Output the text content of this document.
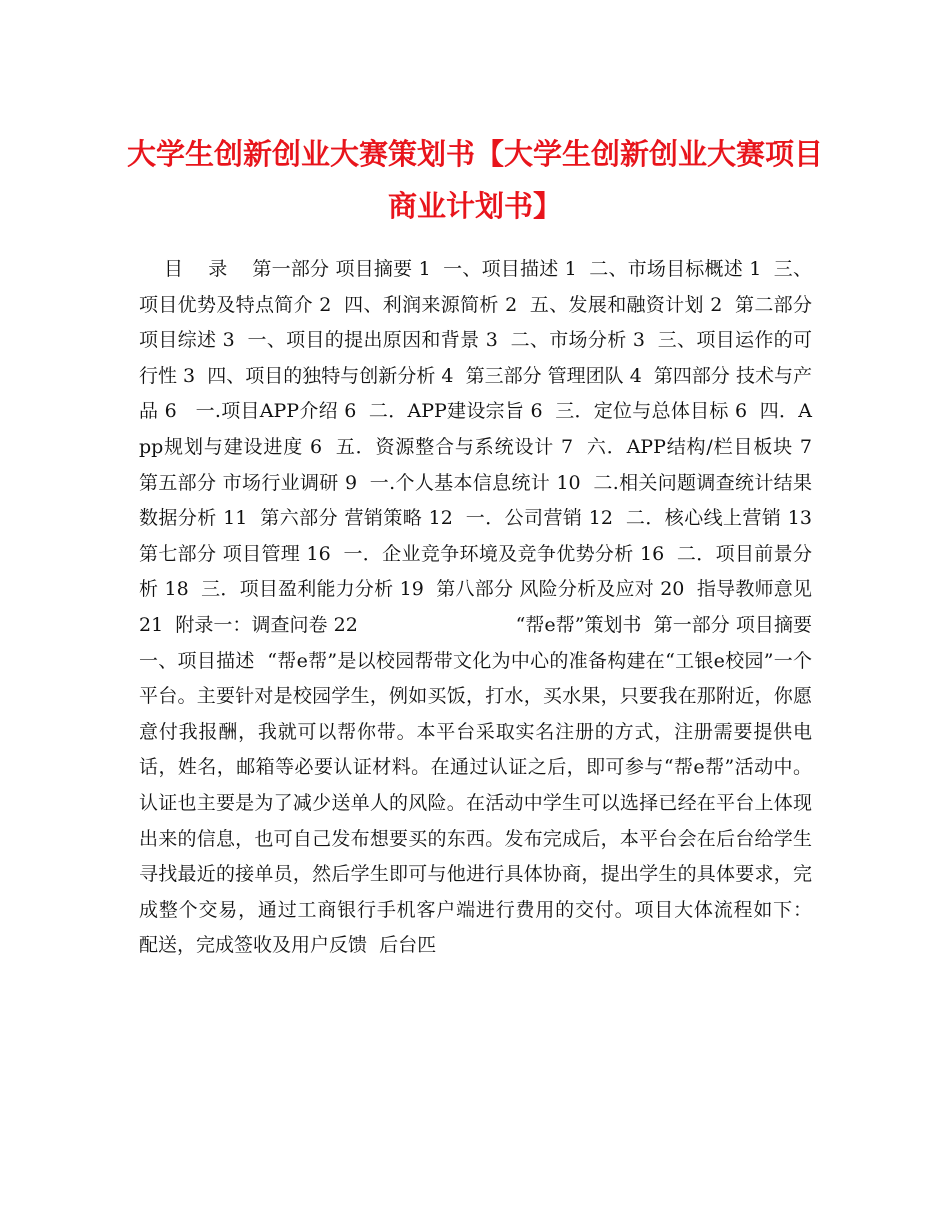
大学生创新创业大赛策划书【大学生创新创业大赛项目商业计划书】

目    录    第一部分 项目摘要 1  一、项目描述 1  二、市场目标概述 1  三、项目优势及特点简介 2  四、利润来源简析 2  五、发展和融资计划 2  第二部分 项目综述 3  一、项目的提出原因和背景 3  二、市场分析 3  三、项目运作的可行性 3  四、项目的独特与创新分析 4  第三部分 管理团队 4  第四部分 技术与产品 6   一.项目APP介绍 6  二．APP建设宗旨 6  三．定位与总体目标 6  四．App规划与建设进度 6  五．资源整合与系统设计 7  六．APP结构/栏目板块 7  第五部分 市场行业调研 9  一.个人基本信息统计 10  二.相关问题调查统计结果数据分析 11  第六部分 营销策略 12  一．公司营销 12  二．核心线上营销 13  第七部分 项目管理 16  一．企业竞争环境及竞争优势分析 16  二．项目前景分析 18  三．项目盈利能力分析 19  第八部分 风险分析及应对 20  指导教师意见 21  附录一：调查问卷 22                          “帮e帮”策划书  第一部分 项目摘要  一、项目描述  “帮e帮”是以校园帮带文化为中心的准备构建在“工银e校园”一个平台。主要针对是校园学生，例如买饭，打水，买水果，只要我在那附近，你愿意付我报酬，我就可以帮你带。本平台采取实名注册的方式，注册需要提供电话，姓名，邮箱等必要认证材料。在通过认证之后，即可参与“帮e帮”活动中。认证也主要是为了减少送单人的风险。在活动中学生可以选择已经在平台上体现出来的信息，也可自己发布想要买的东西。发布完成后，本平台会在后台给学生寻找最近的接单员，然后学生即可与他进行具体协商，提出学生的具体要求，完成整个交易，通过工商银行手机客户端进行费用的交付。项目大体流程如下：     配送，完成签收及用户反馈  后台匹
